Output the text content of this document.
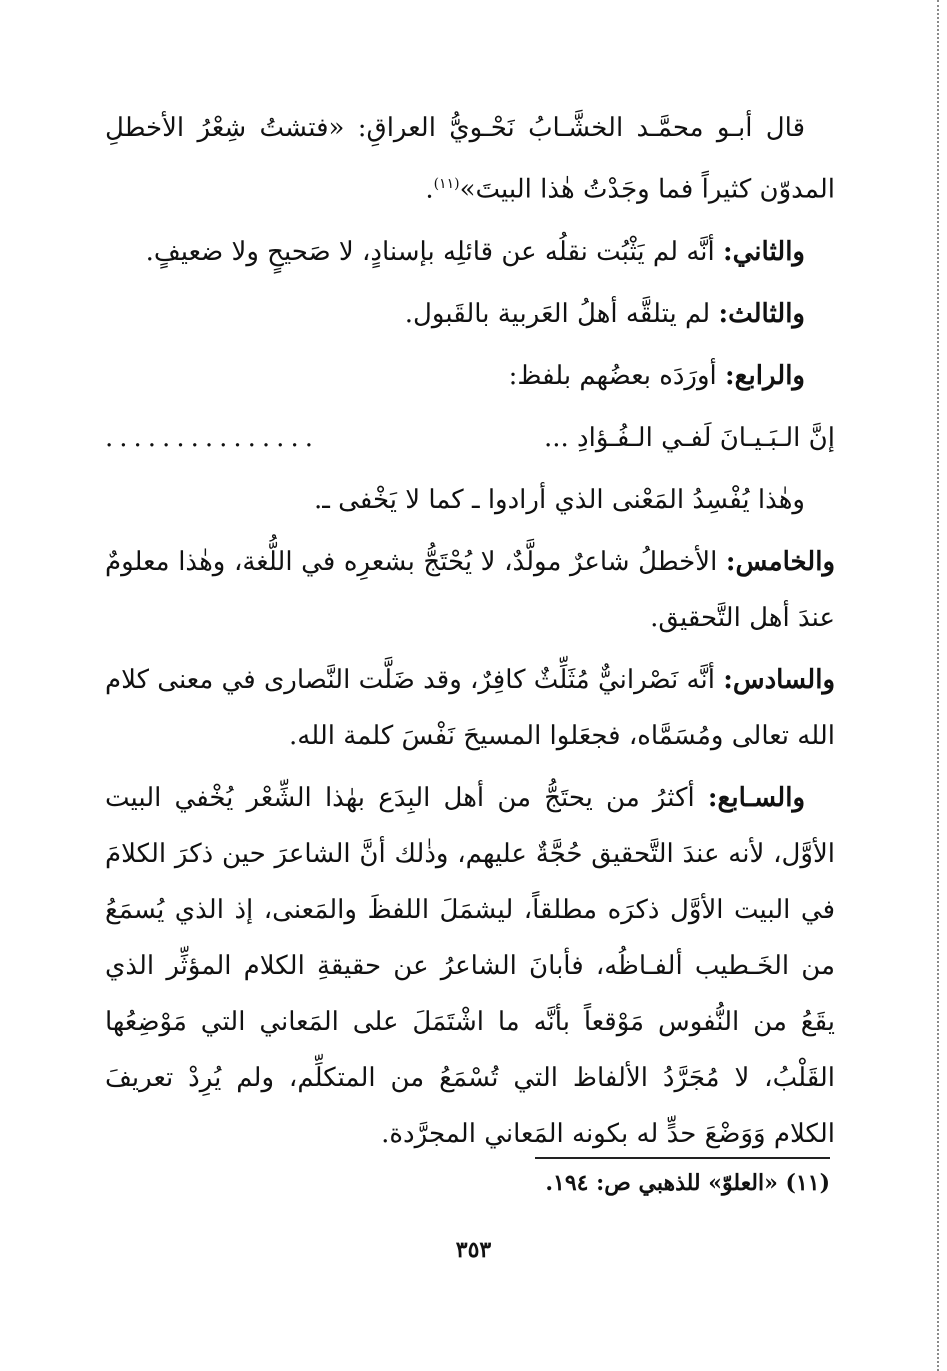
قال أبـو محمَّـد الخشَّـابُ نَحْـويُّ العراقِ: «فتشتُ شِعْرُ الأخطلِ المدوّن كثيراً فما وجَدْتُ هٰذا البيتَ»$^{(١١)}$.

والثاني: أنَّه لم يَثْبُت نقلُه عن قائلِه بإسنادٍ، لا صَحيحٍ ولا ضعيفٍ.

والثالث: لم يتلقَّه أهلُ العَربية بالقَبول.

والرابع: أورَدَه بعضُهم بلفظ:

إنَّ الـبَـيـانَ لَفـي الـفُـؤادِ ...
...............

وهٰذا يُفْسِدُ المَعْنى الذي أرادوا ـ كما لا يَخْفى ـ.

والخامس: الأخطلُ شاعرٌ مولَّدٌ، لا يُحْتَجُّ بشعرِه في اللُّغة، وهٰذا معلومٌ عندَ أهل التَّحقيق.

والسادس: أنَّه نَصْرانيٌّ مُثَلِّثٌ كافِرٌ، وقد ضَلَّت النَّصارى في معنى كلام الله تعالى ومُسَمَّاه، فجعَلوا المسيحَ نَفْسَ كلمة الله.

والسـابع: أكثرُ من يحتَجُّ من أهل البِدَع بهٰذا الشِّعْر يُخْفي البيت الأوَّل، لأنه عندَ التَّحقيق حُجَّةٌ عليهم، وذٰلك أنَّ الشاعرَ حين ذكرَ الكلامَ في البيت الأوَّل ذكرَه مطلقاً، ليشمَلَ اللفظَ والمَعنى، إذ الذي يُسمَعُ من الخَـطيب ألفـاظُه، فأبانَ الشاعرُ عن حقيقةِ الكلام المؤثِّر الذي يقَعُ من النُّفوس مَوْقعاً بأنَّه ما اشْتَمَلَ على المَعاني التي مَوْضِعُها القَلْبُ، لا مُجَرَّدُ الألفاظ التي تُسْمَعُ من المتكلِّم، ولم يُرِدْ تعريفَ الكلام وَوَضْعَ حدٍّ له بكونه المَعاني المجرَّدة.

(١١) «العلوّ» للذهبي ص: ١٩٤.
٣٥٣
